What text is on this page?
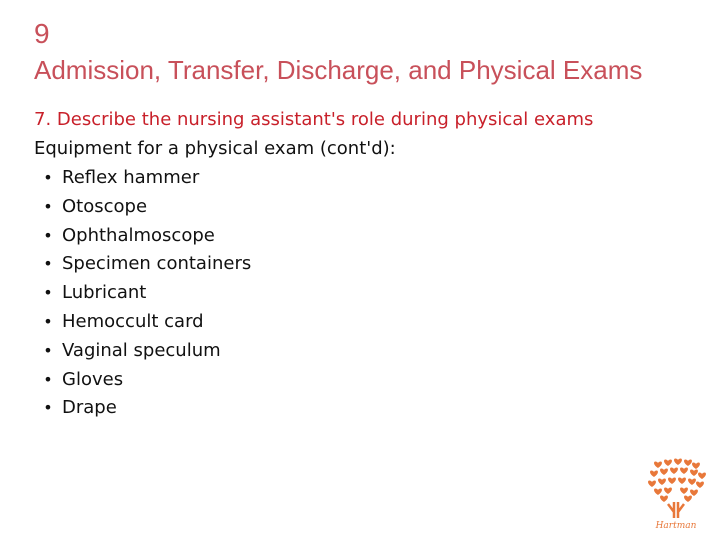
9
Admission, Transfer, Discharge, and Physical Exams
7. Describe the nursing assistant's role during physical exams
Equipment for a physical exam (cont'd):
• Reflex hammer
• Otoscope
• Ophthalmoscope
• Specimen containers
• Lubricant
• Hemoccult card
• Vaginal speculum
• Gloves
• Drape
Hartman
